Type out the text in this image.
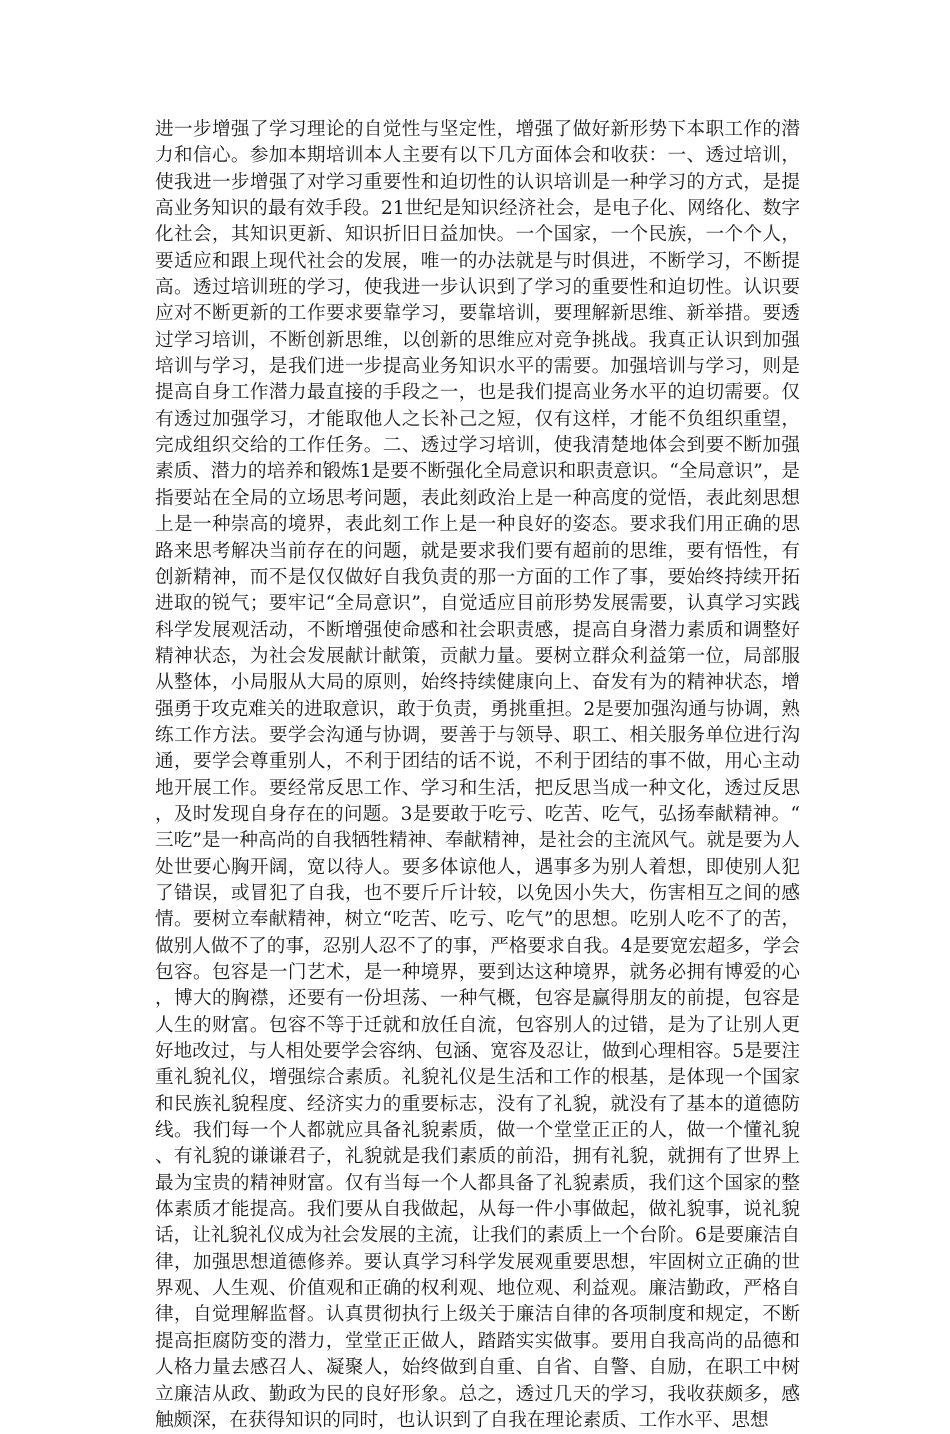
进一步增强了学习理论的自觉性与坚定性，增强了做好新形势下本职工作的潜力和信心。参加本期培训本人主要有以下几方面体会和收获：一、透过培训，使我进一步增强了对学习重要性和迫切性的认识培训是一种学习的方式，是提高业务知识的最有效手段。21世纪是知识经济社会，是电子化、网络化、数字化社会，其知识更新、知识折旧日益加快。一个国家，一个民族，一个个人，要适应和跟上现代社会的发展，唯一的办法就是与时俱进，不断学习，不断提高。透过培训班的学习，使我进一步认识到了学习的重要性和迫切性。认识要应对不断更新的工作要求要靠学习，要靠培训，要理解新思维、新举措。要透过学习培训，不断创新思维，以创新的思维应对竞争挑战。我真正认识到加强培训与学习，是我们进一步提高业务知识水平的需要。加强培训与学习，则是提高自身工作潜力最直接的手段之一，也是我们提高业务水平的迫切需要。仅有透过加强学习，才能取他人之长补己之短，仅有这样，才能不负组织重望，完成组织交给的工作任务。二、透过学习培训，使我清楚地体会到要不断加强素质、潜力的培养和锻炼1是要不断强化全局意识和职责意识。“全局意识”，是指要站在全局的立场思考问题，表此刻政治上是一种高度的觉悟，表此刻思想上是一种崇高的境界，表此刻工作上是一种良好的姿态。要求我们用正确的思路来思考解决当前存在的问题，就是要求我们要有超前的思维，要有悟性，有创新精神，而不是仅仅做好自我负责的那一方面的工作了事，要始终持续开拓进取的锐气；要牢记“全局意识”，自觉适应目前形势发展需要，认真学习实践科学发展观活动，不断增强使命感和社会职责感，提高自身潜力素质和调整好精神状态，为社会发展献计献策，贡献力量。要树立群众利益第一位，局部服从整体，小局服从大局的原则，始终持续健康向上、奋发有为的精神状态，增强勇于攻克难关的进取意识，敢于负责，勇挑重担。2是要加强沟通与协调，熟练工作方法。要学会沟通与协调，要善于与领导、职工、相关服务单位进行沟通，要学会尊重别人，不利于团结的话不说，不利于团结的事不做，用心主动地开展工作。要经常反思工作、学习和生活，把反思当成一种文化，透过反思，及时发现自身存在的问题。3是要敢于吃亏、吃苦、吃气，弘扬奉献精神。“三吃”是一种高尚的自我牺牲精神、奉献精神，是社会的主流风气。就是要为人处世要心胸开阔，宽以待人。要多体谅他人，遇事多为别人着想，即使别人犯了错误，或冒犯了自我，也不要斤斤计较，以免因小失大，伤害相互之间的感情。要树立奉献精神，树立“吃苦、吃亏、吃气”的思想。吃别人吃不了的苦，做别人做不了的事，忍别人忍不了的事，严格要求自我。4是要宽宏超多，学会包容。包容是一门艺术，是一种境界，要到达这种境界，就务必拥有博爱的心，博大的胸襟，还要有一份坦荡、一种气概，包容是赢得朋友的前提，包容是人生的财富。包容不等于迁就和放任自流，包容别人的过错，是为了让别人更好地改过，与人相处要学会容纳、包涵、宽容及忍让，做到心理相容。5是要注重礼貌礼仪，增强综合素质。礼貌礼仪是生活和工作的根基，是体现一个国家和民族礼貌程度、经济实力的重要标志，没有了礼貌，就没有了基本的道德防线。我们每一个人都就应具备礼貌素质，做一个堂堂正正的人，做一个懂礼貌、有礼貌的谦谦君子，礼貌就是我们素质的前沿，拥有礼貌，就拥有了世界上最为宝贵的精神财富。仅有当每一个人都具备了礼貌素质，我们这个国家的整体素质才能提高。我们要从自我做起，从每一件小事做起，做礼貌事，说礼貌话，让礼貌礼仪成为社会发展的主流，让我们的素质上一个台阶。6是要廉洁自律，加强思想道德修养。要认真学习科学发展观重要思想，牢固树立正确的世界观、人生观、价值观和正确的权利观、地位观、利益观。廉洁勤政，严格自律，自觉理解监督。认真贯彻执行上级关于廉洁自律的各项制度和规定，不断提高拒腐防变的潜力，堂堂正正做人，踏踏实实做事。要用自我高尚的品德和人格力量去感召人、凝聚人，始终做到自重、自省、自警、自励，在职工中树立廉洁从政、勤政为民的良好形象。总之，透过几天的学习，我收获颇多，感触颇深，在获得知识的同时，也认识到了自我在理论素质、工作水平、思想
